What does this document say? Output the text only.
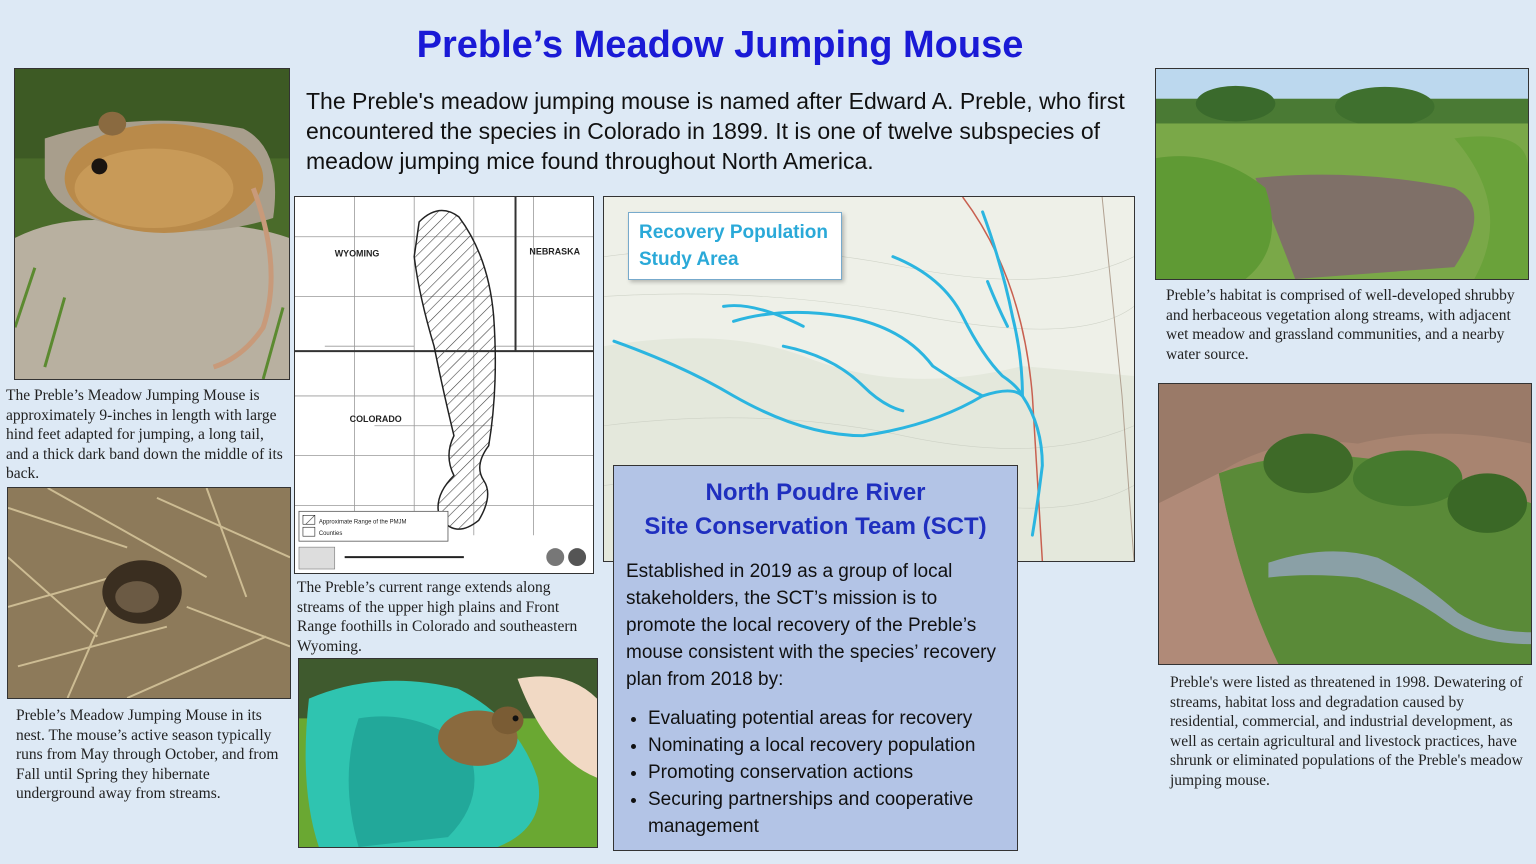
Preble’s Meadow Jumping Mouse
The Preble's meadow jumping mouse is named after Edward A. Preble, who first encountered the species in Colorado in 1899. It is one of twelve subspecies of meadow jumping mice found throughout North America.
The Preble’s Meadow Jumping Mouse is approximately 9-inches in length with large hind feet adapted for jumping, a long tail, and a thick dark band down the middle of its back.
Preble’s Meadow Jumping Mouse in its nest. The mouse’s active season typically runs from May through October, and from Fall until Spring they hibernate underground away from streams.
WYOMING	NEBRASKA
COLORADO
Approximate Range of the PMJM
Counties
The Preble’s current range extends along streams of the upper high plains and Front Range foothills in Colorado and southeastern Wyoming.
Recovery Population
Study Area
North Poudre River
Site Conservation Team (SCT)

Established in 2019 as a group of local stakeholders, the SCT’s mission is to promote the local recovery of the Preble’s mouse consistent with the species’ recovery plan from 2018 by:

• Evaluating potential areas for recovery
• Nominating a local recovery population
• Promoting conservation actions
• Securing partnerships and cooperative management
Preble’s habitat is comprised of well-developed shrubby and herbaceous vegetation along streams, with adjacent wet meadow and grassland communities, and a nearby water source.
Preble's were listed as threatened in 1998. Dewatering of streams, habitat loss and degradation caused by residential, commercial, and industrial development, as well as certain agricultural and livestock practices, have shrunk or eliminated populations of the Preble's meadow jumping mouse.
